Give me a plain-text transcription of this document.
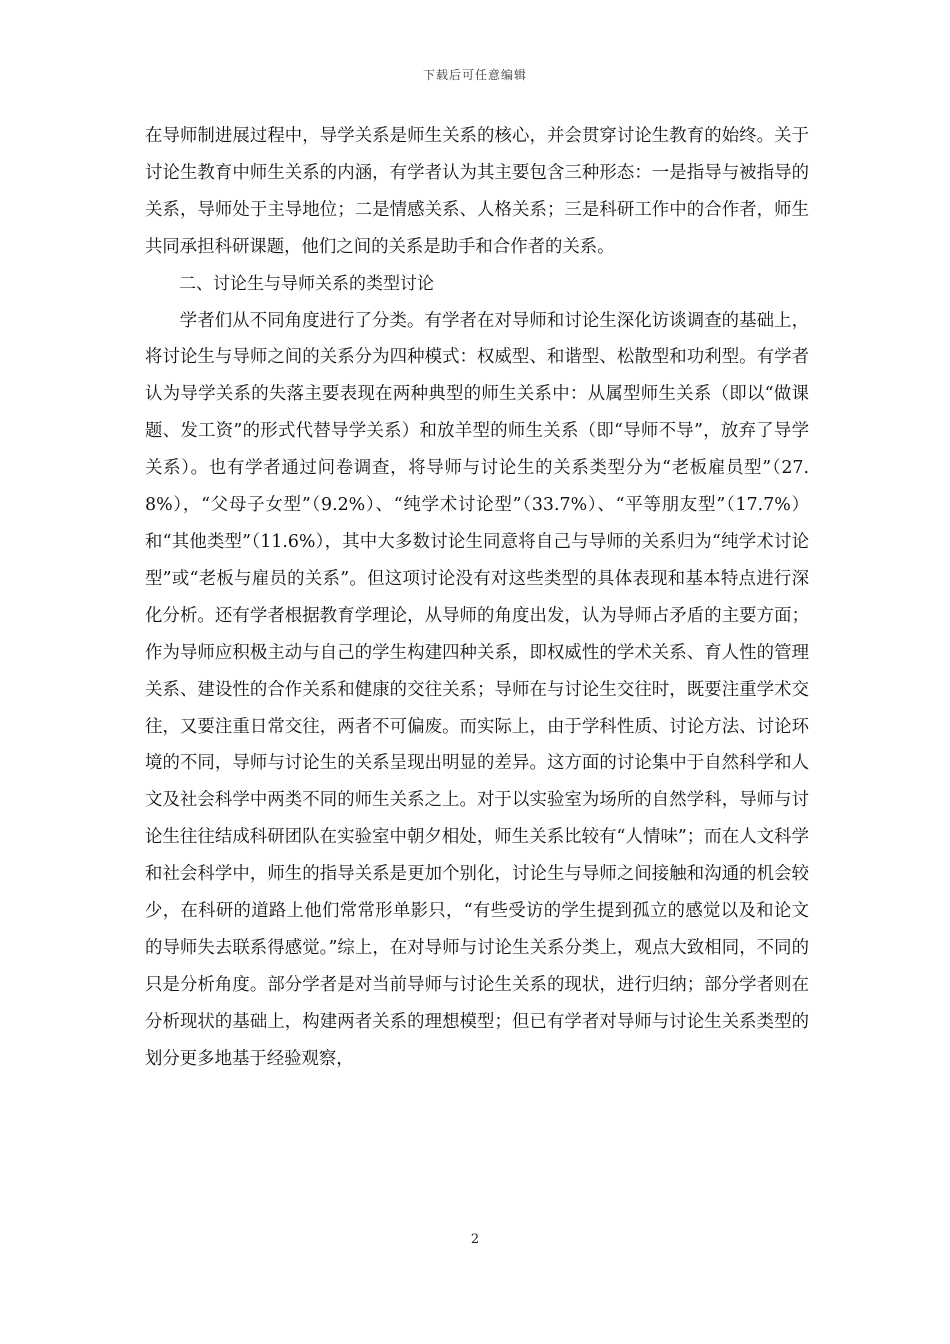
下载后可任意编辑

在导师制进展过程中，导学关系是师生关系的核心，并会贯穿讨论生教育的始终。关于讨论生教育中师生关系的内涵，有学者认为其主要包含三种形态：一是指导与被指导的关系，导师处于主导地位；二是情感关系、人格关系；三是科研工作中的合作者，师生共同承担科研课题，他们之间的关系是助手和合作者的关系。

二、讨论生与导师关系的类型讨论

学者们从不同角度进行了分类。有学者在对导师和讨论生深化访谈调查的基础上，将讨论生与导师之间的关系分为四种模式：权威型、和谐型、松散型和功利型。有学者认为导学关系的失落主要表现在两种典型的师生关系中：从属型师生关系（即以“做课题、发工资”的形式代替导学关系）和放羊型的师生关系（即“导师不导”，放弃了导学关系）。也有学者通过问卷调查，将导师与讨论生的关系类型分为“老板雇员型”（27.8%），“父母子女型”（9.2%）、“纯学术讨论型”（33.7%）、“平等朋友型”（17.7%）和“其他类型”（11.6%），其中大多数讨论生同意将自己与导师的关系归为“纯学术讨论型”或“老板与雇员的关系”。但这项讨论没有对这些类型的具体表现和基本特点进行深化分析。还有学者根据教育学理论，从导师的角度出发，认为导师占矛盾的主要方面；作为导师应积极主动与自己的学生构建四种关系，即权威性的学术关系、育人性的管理关系、建设性的合作关系和健康的交往关系；导师在与讨论生交往时，既要注重学术交往，又要注重日常交往，两者不可偏废。而实际上，由于学科性质、讨论方法、讨论环境的不同，导师与讨论生的关系呈现出明显的差异。这方面的讨论集中于自然科学和人文及社会科学中两类不同的师生关系之上。对于以实验室为场所的自然学科，导师与讨论生往往结成科研团队在实验室中朝夕相处，师生关系比较有“人情味”；而在人文科学和社会科学中，师生的指导关系是更加个别化，讨论生与导师之间接触和沟通的机会较少，在科研的道路上他们常常形单影只，“有些受访的学生提到孤立的感觉以及和论文的导师失去联系得感觉。”综上，在对导师与讨论生关系分类上，观点大致相同，不同的只是分析角度。部分学者是对当前导师与讨论生关系的现状，进行归纳；部分学者则在分析现状的基础上，构建两者关系的理想模型；但已有学者对导师与讨论生关系类型的划分更多地基于经验观察，

2
